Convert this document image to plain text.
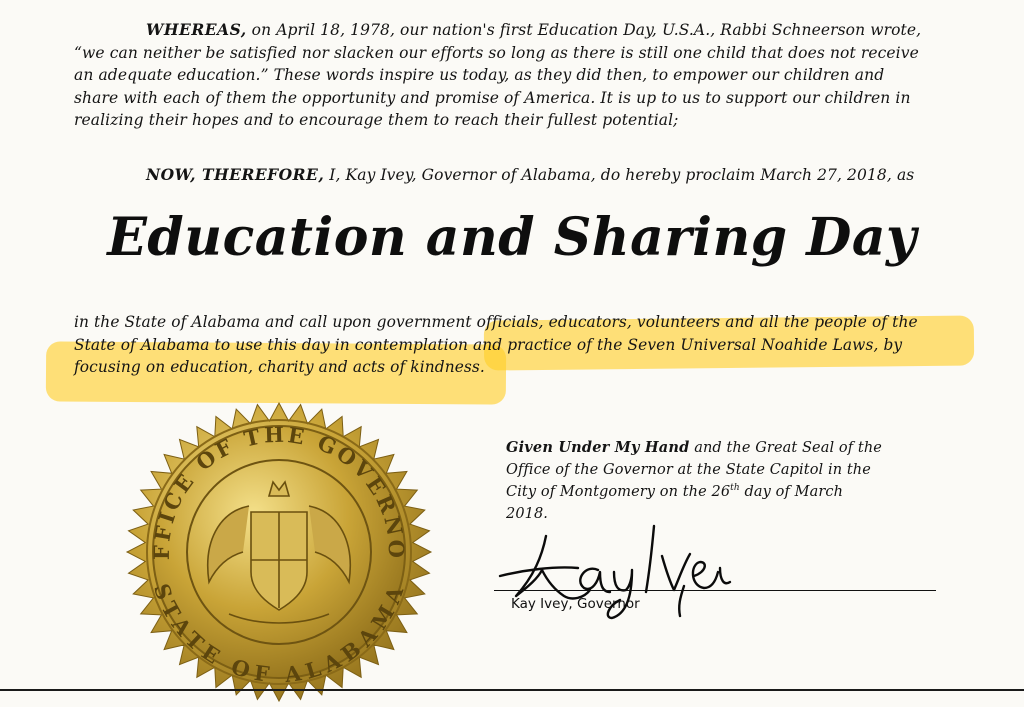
WHEREAS, on April 18, 1978, our nation's first Education Day, U.S.A., Rabbi Schneerson wrote, “we can neither be satisfied nor slacken our efforts so long as there is still one child that does not receive an adequate education.” These words inspire us today, as they did then, to empower our children and share with each of them the opportunity and promise of America. It is up to us to support our children in realizing their hopes and to encourage them to reach their fullest potential;

NOW, THEREFORE, I, Kay Ivey, Governor of Alabama, do hereby proclaim March 27, 2018, as

Education and Sharing Day

in the State of Alabama and call upon government officials, educators, volunteers and all the people of the State of Alabama to use this day in contemplation and practice of the Seven Universal Noahide Laws, by focusing on education, charity and acts of kindness.

Given Under My Hand and the Great Seal of the Office of the Governor at the State Capitol in the City of Montgomery on the 26th day of March 2018.

Kay Ivey, Governor
FFICE OF THE GOVERNO
STATE OF ALABAMA
